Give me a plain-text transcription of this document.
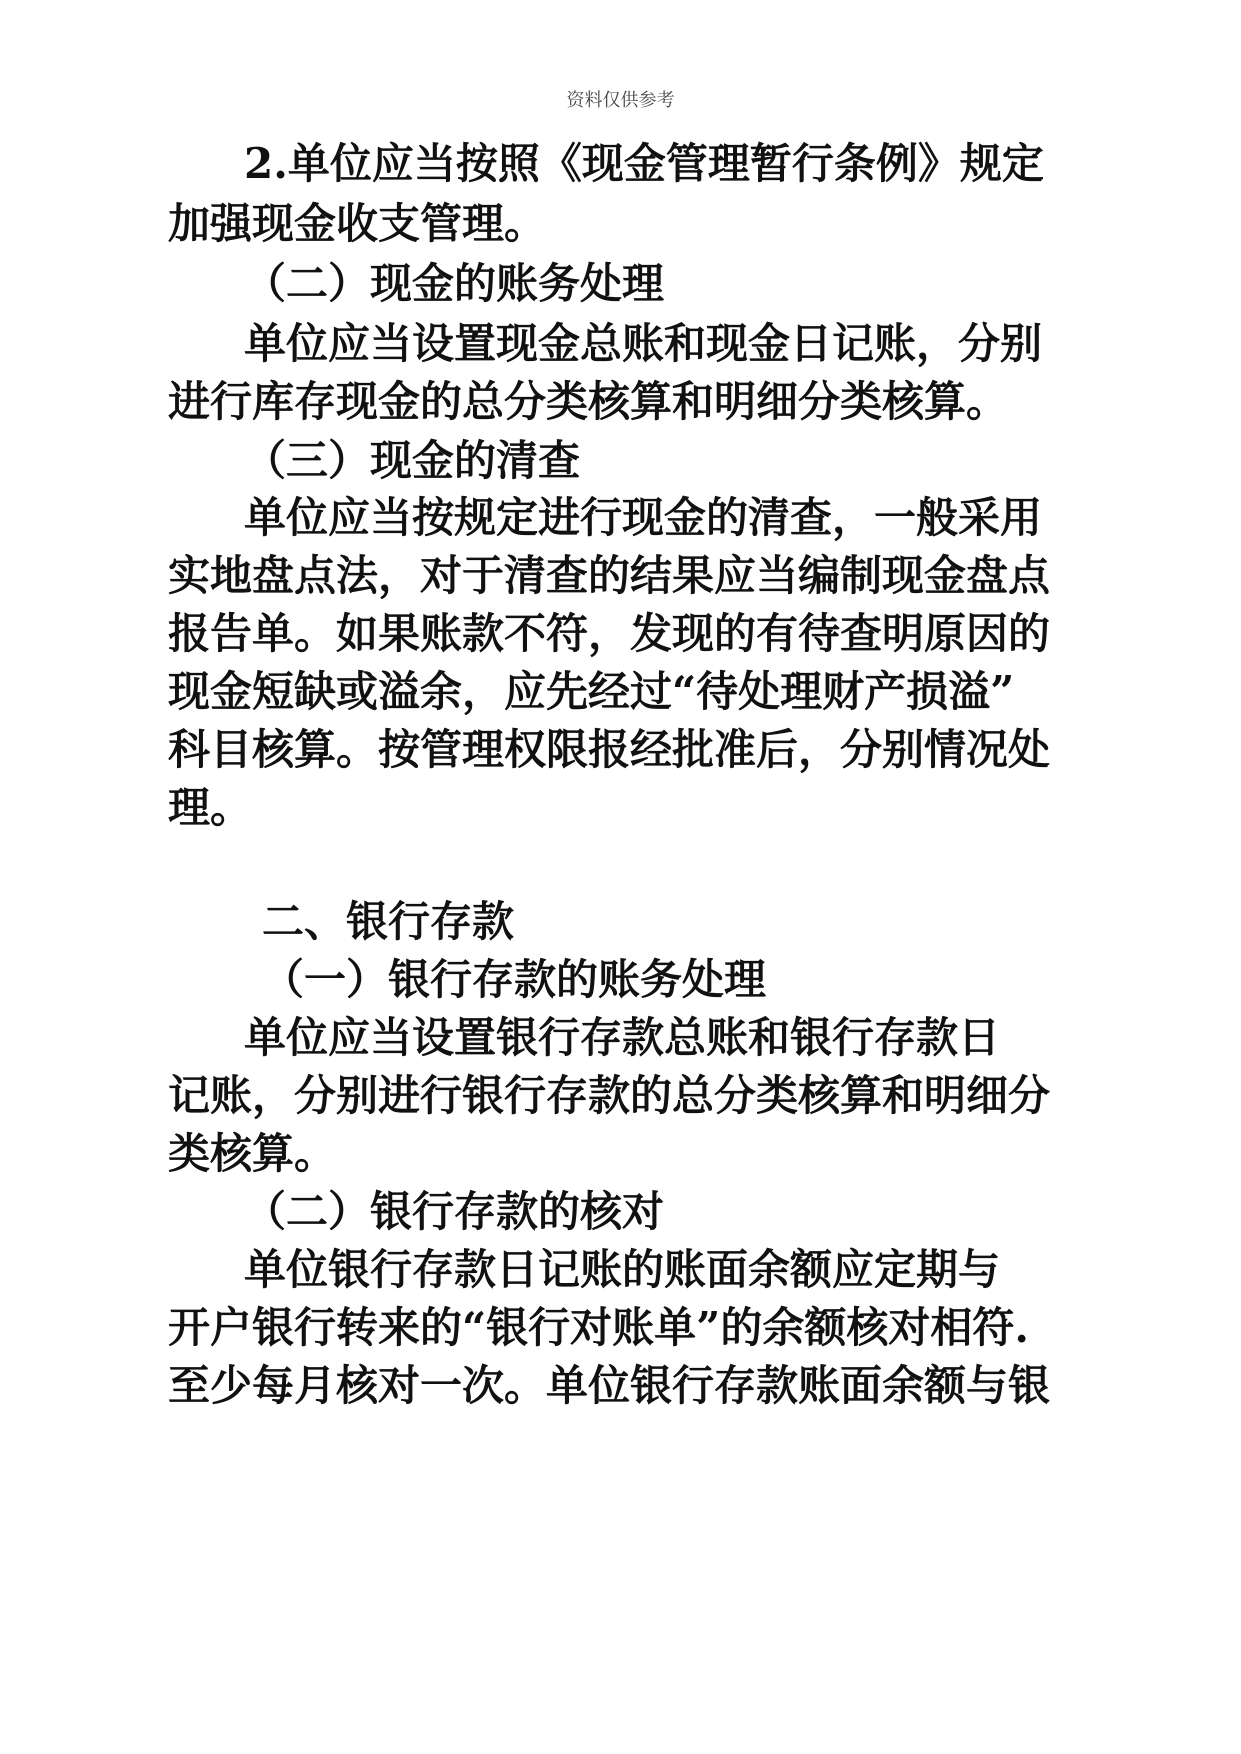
资料仅供参考
2.单位应当按照《现金管理暂行条例》规定
加强现金收支管理。
（二）现金的账务处理
单位应当设置现金总账和现金日记账，分别
进行库存现金的总分类核算和明细分类核算。
（三）现金的清查
单位应当按规定进行现金的清查，一般采用
实地盘点法，对于清查的结果应当编制现金盘点
报告单。如果账款不符，发现的有待查明原因的
现金短缺或溢余，应先经过“待处理财产损溢”
科目核算。按管理权限报经批准后，分别情况处
理。
二、银行存款
（一）银行存款的账务处理
单位应当设置银行存款总账和银行存款日
记账，分别进行银行存款的总分类核算和明细分
类核算。
（二）银行存款的核对
单位银行存款日记账的账面余额应定期与
开户银行转来的“银行对账单”的余额核对相符.
至少每月核对一次。单位银行存款账面余额与银
